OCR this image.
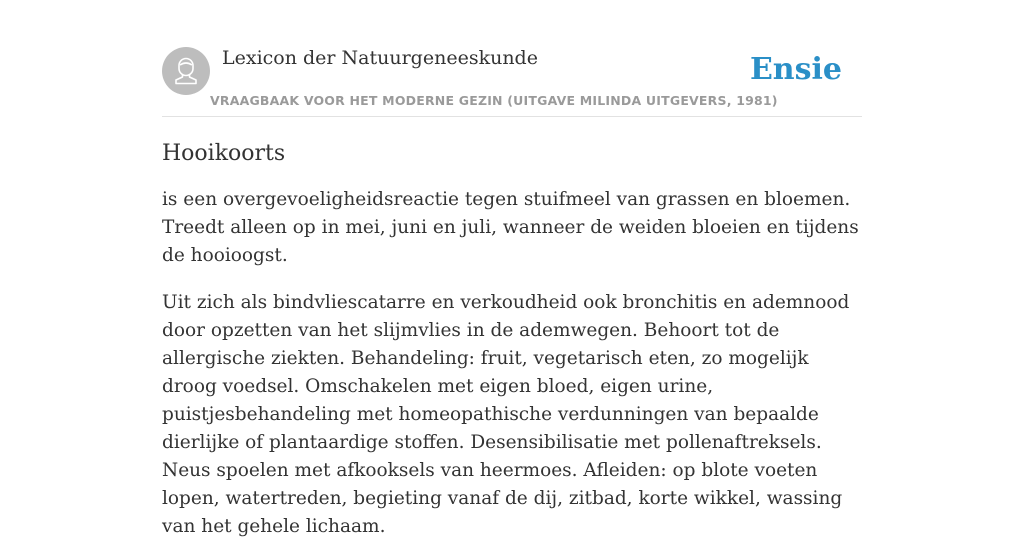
Lexicon der Natuurgeneeskunde
VRAAGBAAK VOOR HET MODERNE GEZIN (UITGAVE MILINDA UITGEVERS, 1981)
Ensie
Hooikoorts

is een overgevoeligheidsreactie tegen stuifmeel van grassen en bloemen. Treedt alleen op in mei, juni en juli, wanneer de weiden bloeien en tijdens de hooioogst.

Uit zich als bindvliescatarre en verkoudheid ook bronchitis en ademnood door opzetten van het slijmvlies in de ademwegen. Behoort tot de allergische ziekten. Behandeling: fruit, vegetarisch eten, zo mogelijk droog voedsel. Omschakelen met eigen bloed, eigen urine, puistjesbehandeling met homeopathische verdunningen van bepaalde dierlijke of plantaardige stoffen. Desensibilisatie met pollenaftreksels. Neus spoelen met afkooksels van heermoes. Afleiden: op blote voeten lopen, watertreden, begieting vanaf de dij, zitbad, korte wikkel, wassing van het gehele lichaam.
